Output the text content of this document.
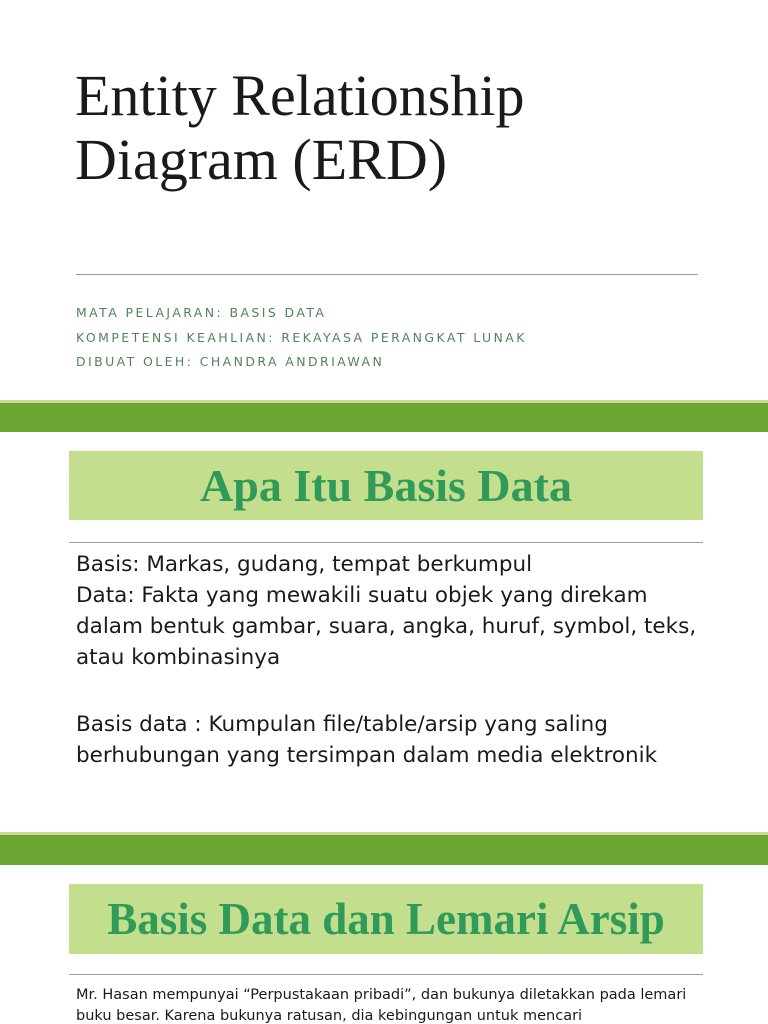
Entity Relationship
Diagram (ERD)
MATA PELAJARAN: BASIS DATA
KOMPETENSI KEAHLIAN: REKAYASA PERANGKAT LUNAK
DIBUAT OLEH: CHANDRA ANDRIAWAN
Apa Itu Basis Data

Basis: Markas, gudang, tempat berkumpul

Data: Fakta yang mewakili suatu objek yang direkam dalam bentuk gambar, suara, angka, huruf, symbol, teks, atau kombinasinya

Basis data : Kumpulan file/table/arsip yang saling berhubungan yang tersimpan dalam media elektronik

Basis Data dan Lemari Arsip

Mr. Hasan mempunyai “Perpustakaan pribadi”, dan bukunya diletakkan pada lemari buku besar. Karena bukunya ratusan, dia kebingungan untuk mencari
